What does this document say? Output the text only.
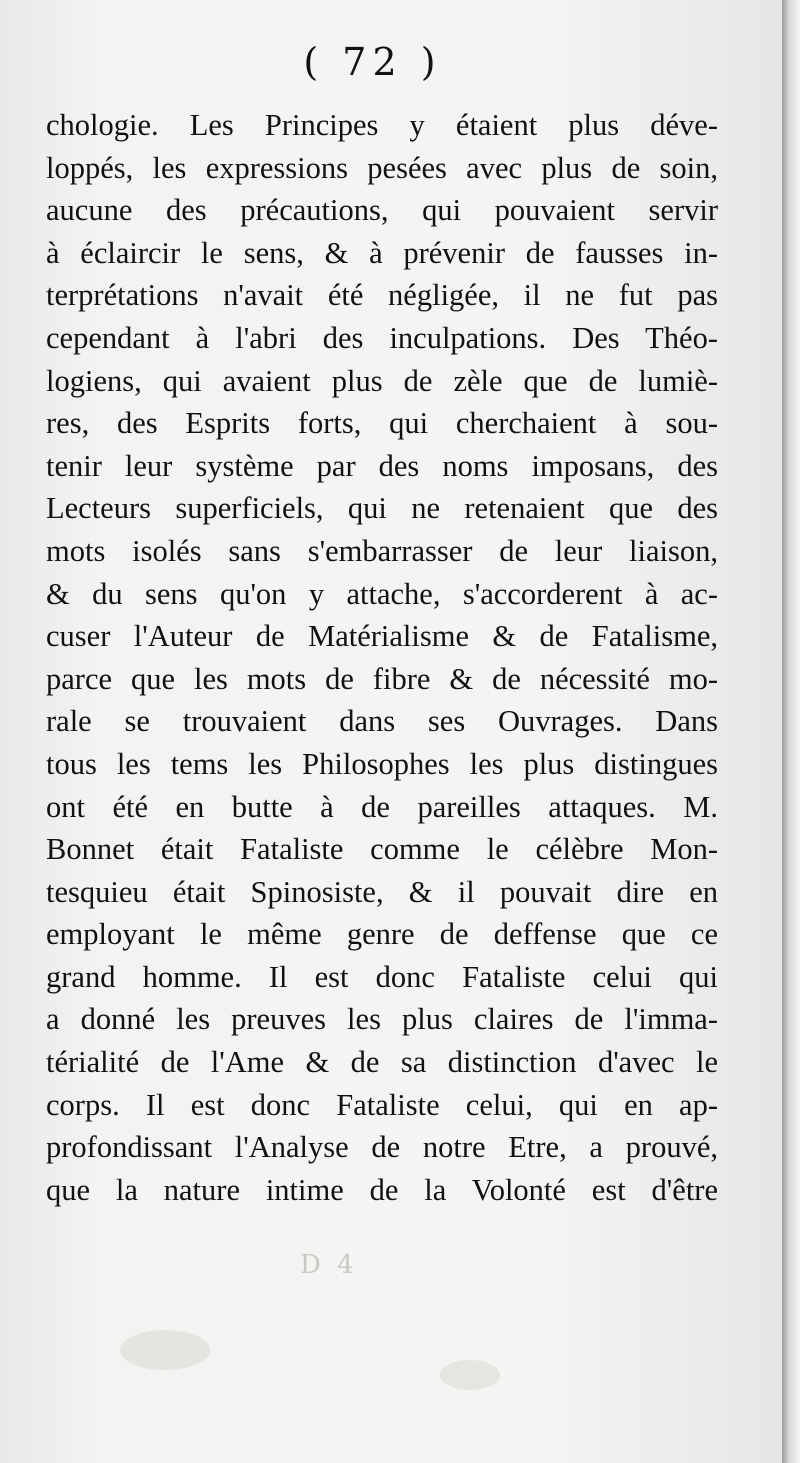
( 72 )
chologie. Les Principes y étaient plus déve-
loppés, les expressions pesées avec plus de soin,
aucune des précautions, qui pouvaient servir
à éclaircir le sens, & à prévenir de fausses in-
terprétations n'avait été négligée, il ne fut pas
cependant à l'abri des inculpations. Des Théo-
logiens, qui avaient plus de zèle que de lumiè-
res, des Esprits forts, qui cherchaient à sou-
tenir leur système par des noms imposans, des
Lecteurs superficiels, qui ne retenaient que des
mots isolés sans s'embarrasser de leur liaison,
& du sens qu'on y attache, s'accorderent à ac-
cuser l'Auteur de Matérialisme & de Fatalisme,
parce que les mots de fibre & de nécessité mo-
rale se trouvaient dans ses Ouvrages. Dans
tous les tems les Philosophes les plus distingues
ont été en butte à de pareilles attaques. M.
Bonnet était Fataliste comme le célèbre Mon-
tesquieu était Spinosiste, & il pouvait dire en
employant le même genre de deffense que ce
grand homme. Il est donc Fataliste celui qui
a donné les preuves les plus claires de l'imma-
térialité de l'Ame & de sa distinction d'avec le
corps. Il est donc Fataliste celui, qui en ap-
profondissant l'Analyse de notre Etre, a prouvé,
que la nature intime de la Volonté est d'être
D 4
